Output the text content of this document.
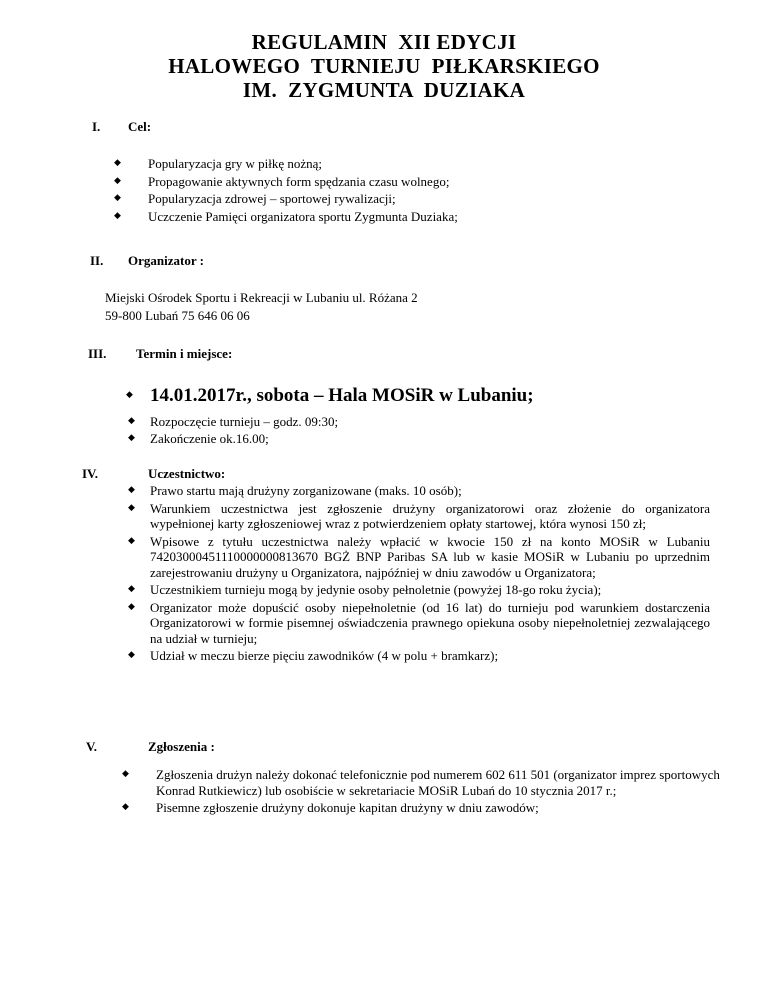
REGULAMIN  XII EDYCJI
HALOWEGO  TURNIEJU  PIŁKARSKIEGO
IM.  ZYGMUNTA  DUZIAKA
I. Cel:
◆ Popularyzacja gry w piłkę nożną;
◆ Propagowanie aktywnych form spędzania czasu wolnego;
◆ Popularyzacja zdrowej – sportowej rywalizacji;
◆ Uczczenie Pamięci organizatora sportu Zygmunta Duziaka;
II. Organizator :
Miejski Ośrodek Sportu i Rekreacji w Lubaniu ul. Różana 2
59-800 Lubań 75 646 06 06
III. Termin i miejsce:
◆ 14.01.2017r., sobota – Hala MOSiR w Lubaniu;
◆ Rozpoczęcie turnieju – godz. 09:30;
◆ Zakończenie ok.16.00;
IV.	Uczestnictwo:
◆ Prawo startu mają drużyny zorganizowane (maks. 10 osób);
◆ Warunkiem uczestnictwa jest zgłoszenie drużyny organizatorowi oraz złożenie do organizatora wypełnionej karty zgłoszeniowej wraz z potwierdzeniem opłaty startowej, która wynosi 150 zł;
◆ Wpisowe z tytułu uczestnictwa należy wpłacić w kwocie 150 zł na konto MOSiR w Lubaniu 74203000451110000000813670 BGŻ BNP Paribas SA lub w kasie MOSiR w Lubaniu po uprzednim zarejestrowaniu drużyny u Organizatora, najpóźniej w dniu zawodów u Organizatora;
◆ Uczestnikiem turnieju mogą by jedynie osoby pełnoletnie (powyżej 18-go roku życia);
◆ Organizator może dopuścić osoby niepełnoletnie (od 16 lat) do turnieju pod warunkiem dostarczenia Organizatorowi w formie pisemnej oświadczenia prawnego opiekuna osoby niepełnoletniej zezwalającego na udział w turnieju;
◆ Udział w meczu bierze pięciu zawodników (4 w polu + bramkarz);
V.	Zgłoszenia :
◆ Zgłoszenia drużyn należy dokonać telefonicznie pod numerem 602 611 501 (organizator imprez sportowych Konrad Rutkiewicz) lub osobiście w sekretariacie MOSiR Lubań do 10 stycznia 2017 r.;
◆ Pisemne zgłoszenie drużyny dokonuje kapitan drużyny w dniu zawodów;
